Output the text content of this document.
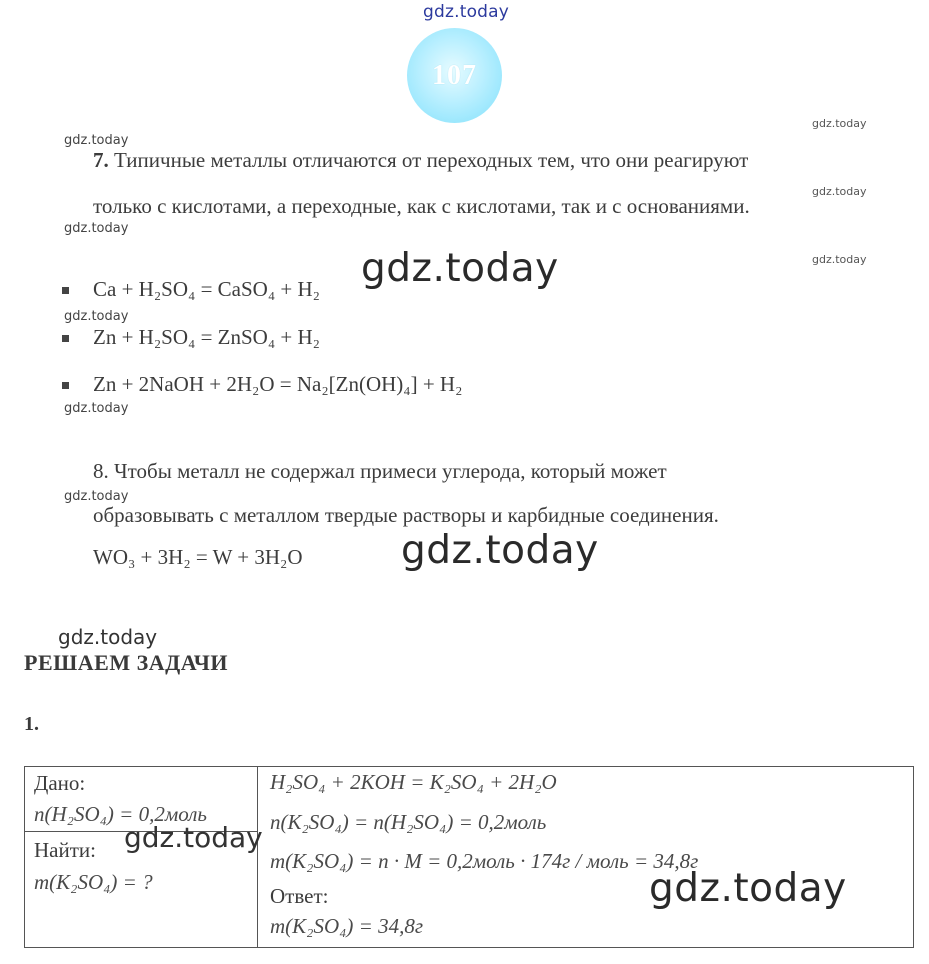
gdz.today
107
gdz.today
gdz.today
gdz.today
gdz.today
gdz.today
gdz.today
gdz.today
gdz.today
7. Типичные металлы отличаются от переходных тем, что они реагируют
только с кислотами, а переходные, как с кислотами, так и с основаниями.
Ca + H₂SO₄ = CaSO₄ + H₂ gdz.today
Zn + H₂SO₄ = ZnSO₄ + H₂
Zn + 2NaOH + 2H₂O = Na₂[Zn(OH)₄] + H₂
8. Чтобы металл не содержал примеси углерода, который может
образовывать с металлом твердые растворы и карбидные соединения.
WO₃ + 3H₂ = W + 3H₂O	gdz.today
gdz.today
РЕШАЕМ ЗАДАЧИ
1.
Дано:
n(H₂SO₄) = 0,2моль
Найти:
m(K₂SO₄) = ?
gdz.today
H₂SO₄ + 2KOH = K₂SO₄ + 2H₂O
n(K₂SO₄) = n(H₂SO₄) = 0,2моль
m(K₂SO₄) = n · M = 0,2моль · 174г / моль = 34,8г
Ответ:
m(K₂SO₄) = 34,8г
gdz.today
